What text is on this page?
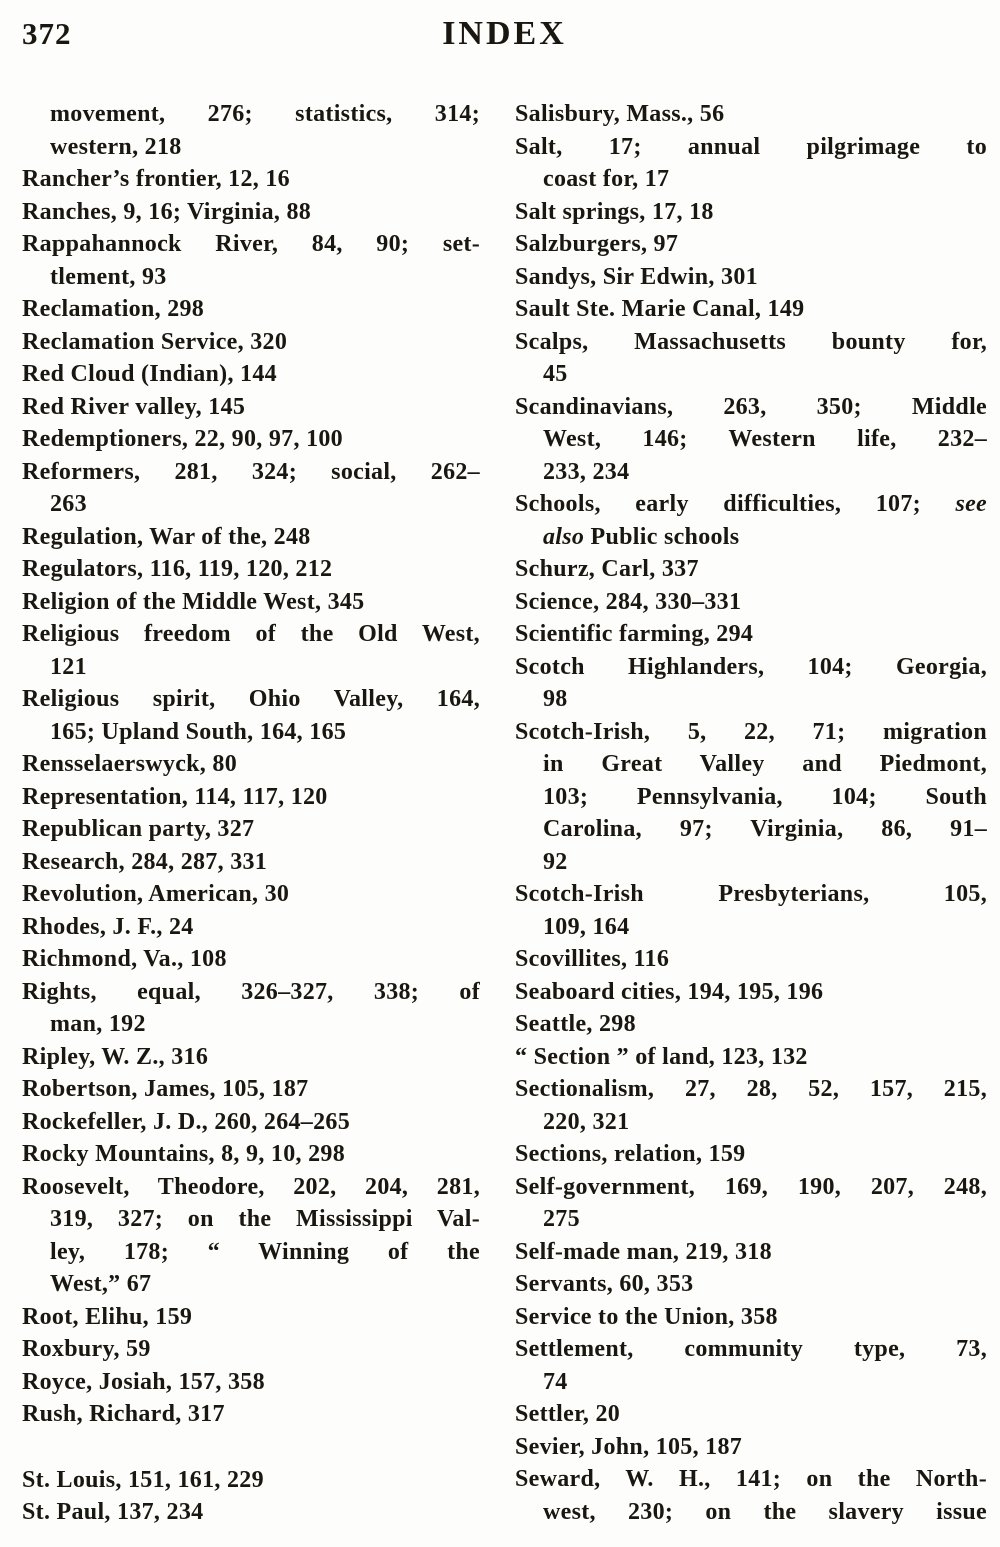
372	INDEX
movement, 276; statistics, 314;
western, 218
Rancher’s frontier, 12, 16
Ranches, 9, 16; Virginia, 88
Rappahannock River, 84, 90; set-
tlement, 93
Reclamation, 298
Reclamation Service, 320
Red Cloud (Indian), 144
Red River valley, 145
Redemptioners, 22, 90, 97, 100
Reformers, 281, 324; social, 262–
263
Regulation, War of the, 248
Regulators, 116, 119, 120, 212
Religion of the Middle West, 345
Religious freedom of the Old West,
121
Religious spirit, Ohio Valley, 164,
165; Upland South, 164, 165
Rensselaerswyck, 80
Representation, 114, 117, 120
Republican party, 327
Research, 284, 287, 331
Revolution, American, 30
Rhodes, J. F., 24
Richmond, Va., 108
Rights, equal, 326–327, 338; of
man, 192
Ripley, W. Z., 316
Robertson, James, 105, 187
Rockefeller, J. D., 260, 264–265
Rocky Mountains, 8, 9, 10, 298
Roosevelt, Theodore, 202, 204, 281,
319, 327; on the Mississippi Val-
ley, 178; “ Winning of the
West,” 67
Root, Elihu, 159
Roxbury, 59
Royce, Josiah, 157, 358
Rush, Richard, 317
St. Louis, 151, 161, 229
St. Paul, 137, 234
Salisbury, Mass., 56
Salt, 17; annual pilgrimage to
coast for, 17
Salt springs, 17, 18
Salzburgers, 97
Sandys, Sir Edwin, 301
Sault Ste. Marie Canal, 149
Scalps, Massachusetts bounty for,
45
Scandinavians, 263, 350; Middle
West, 146; Western life, 232–
233, 234
Schools, early difficulties, 107; see
also Public schools
Schurz, Carl, 337
Science, 284, 330–331
Scientific farming, 294
Scotch Highlanders, 104; Georgia,
98
Scotch-Irish, 5, 22, 71; migration
in Great Valley and Piedmont,
103; Pennsylvania, 104; South
Carolina, 97; Virginia, 86, 91–
92
Scotch-Irish Presbyterians, 105,
109, 164
Scovillites, 116
Seaboard cities, 194, 195, 196
Seattle, 298
“ Section ” of land, 123, 132
Sectionalism, 27, 28, 52, 157, 215,
220, 321
Sections, relation, 159
Self-government, 169, 190, 207, 248,
275
Self-made man, 219, 318
Servants, 60, 353
Service to the Union, 358
Settlement, community type, 73,
74
Settler, 20
Sevier, John, 105, 187
Seward, W. H., 141; on the North-
west, 230; on the slavery issue
